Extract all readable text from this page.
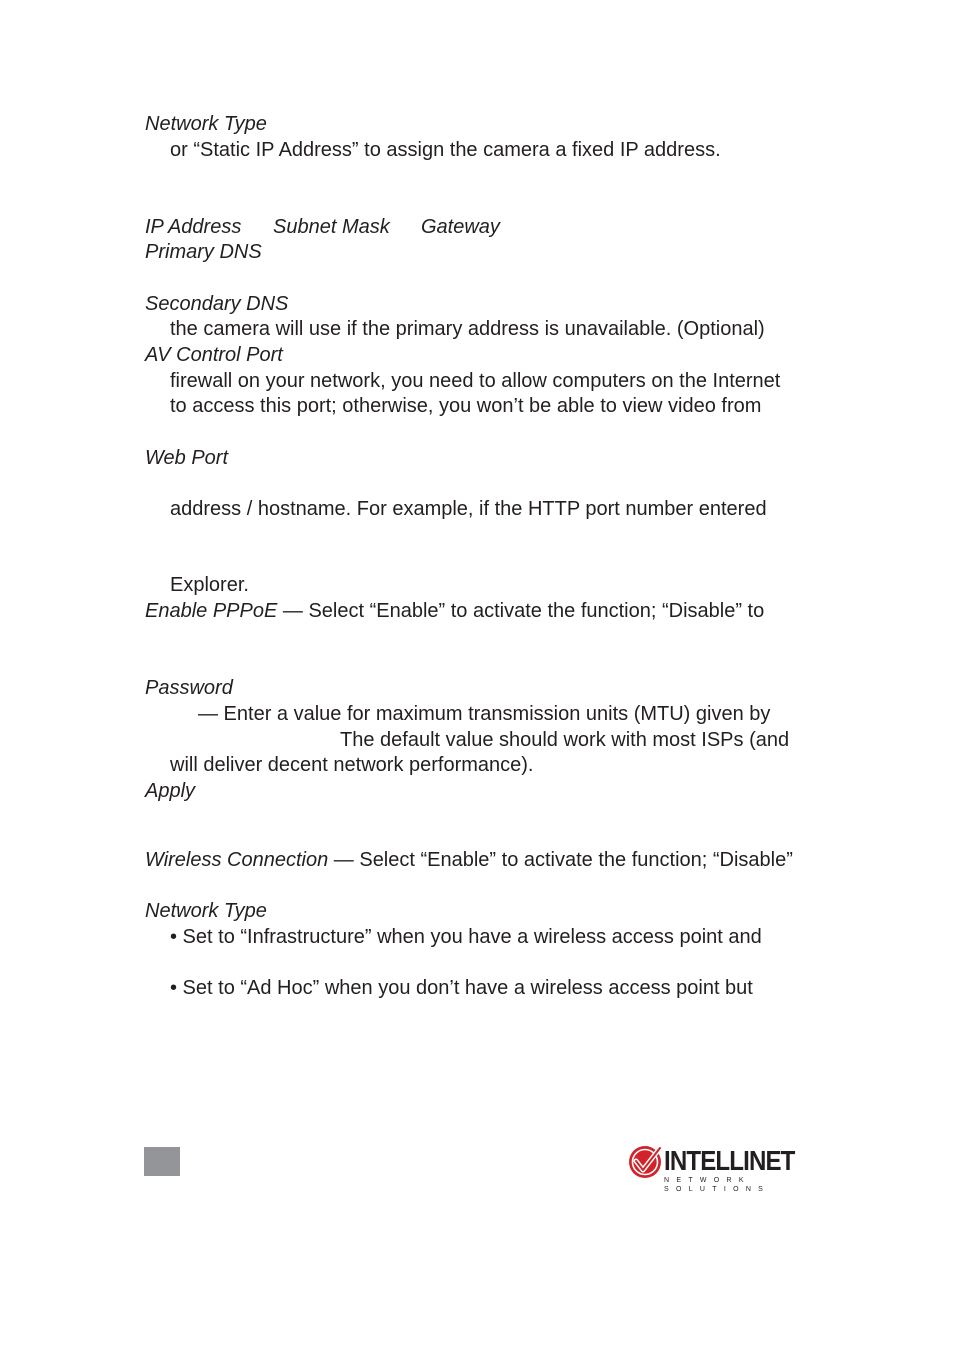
Network Type
or “Static IP Address” to assign the camera a fixed IP address.
IP Address Subnet Mask Gateway
Primary DNS
Secondary DNS
the camera will use if the primary address is unavailable. (Optional)
AV Control Port
firewall on your network, you need to allow computers on the Internet
to access this port; otherwise, you won’t be able to view video from
Web Port
address / hostname. For example, if the HTTP port number entered
Explorer.
Enable PPPoE — Select “Enable” to activate the function; “Disable” to
Password
— Enter a value for maximum transmission units (MTU) given by
The default value should work with most ISPs (and
will deliver decent network performance).
Apply
Wireless Connection — Select “Enable” to activate the function; “Disable”
Network Type
• Set to “Infrastructure” when you have a wireless access point and
• Set to “Ad Hoc” when you don’t have a wireless access point but
INTELLINET
NETWORK SOLUTIONS
